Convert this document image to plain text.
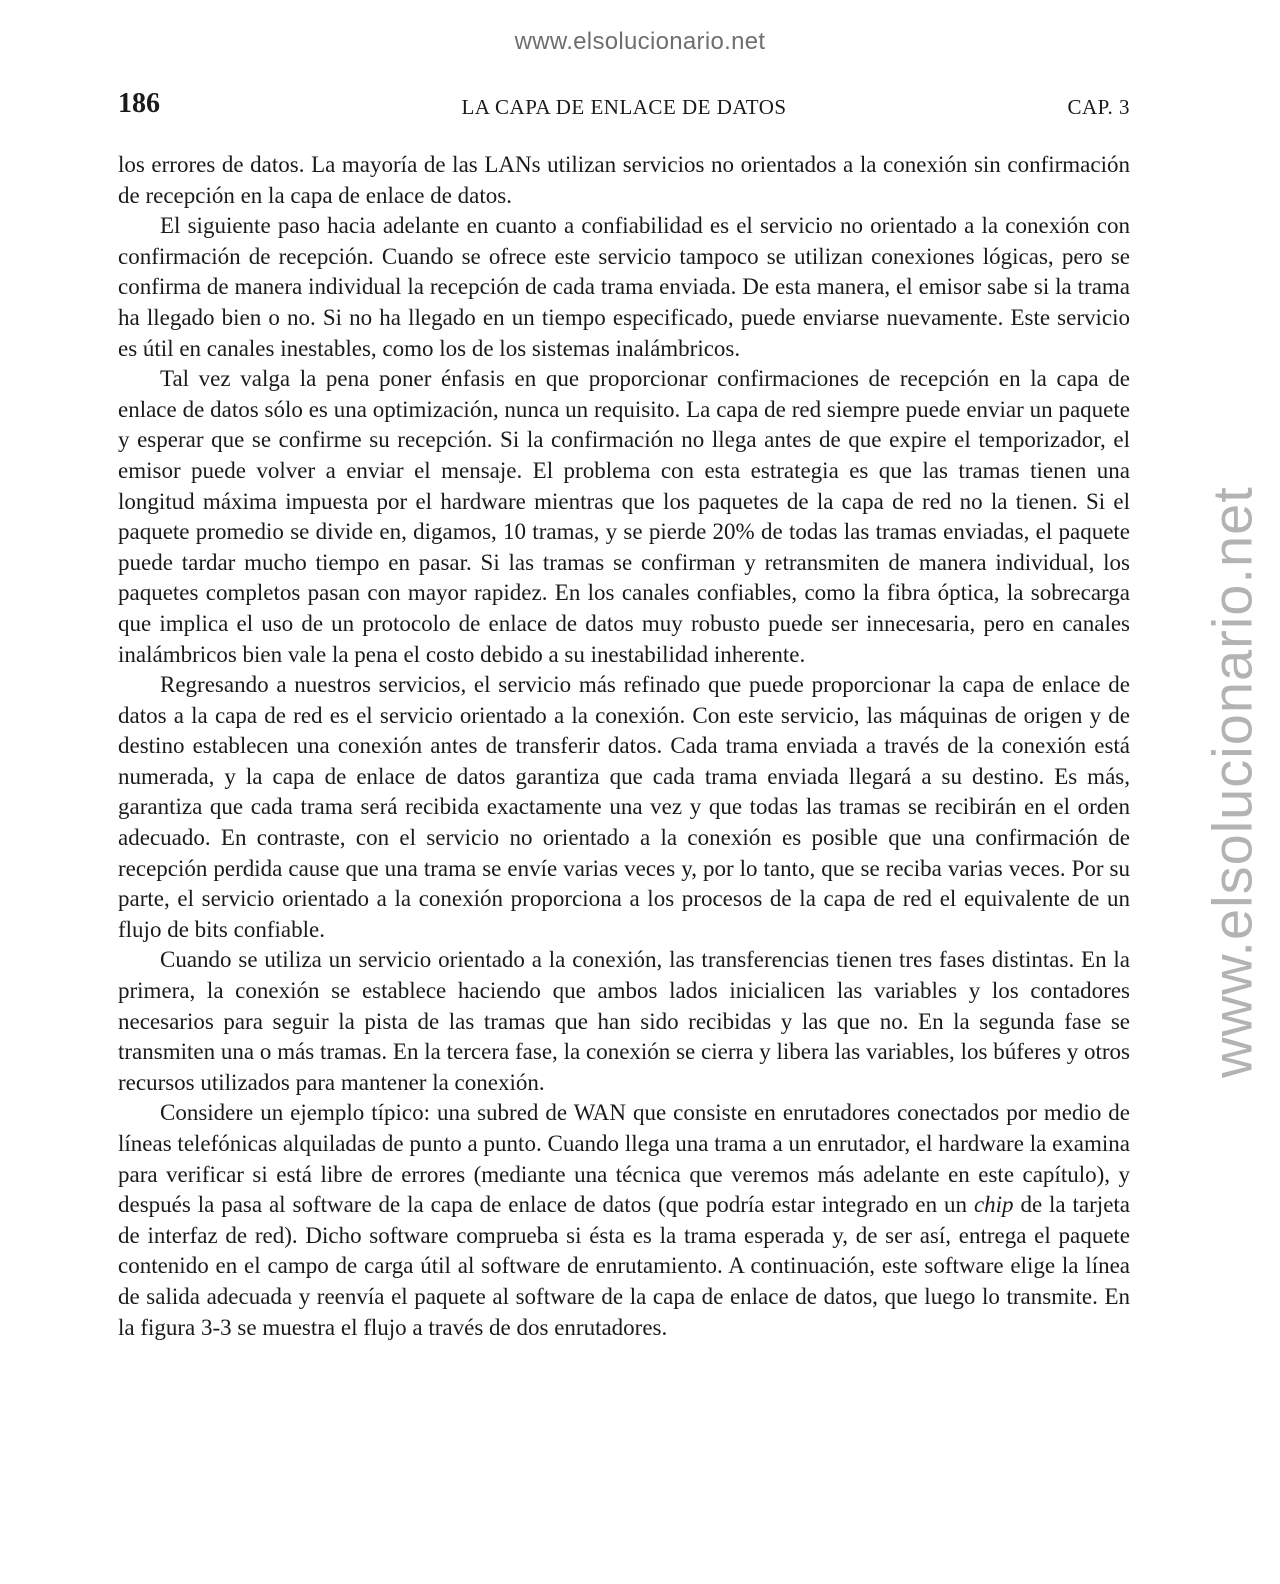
www.elsolucionario.net
www.elsolucionario.net
186	LA CAPA DE ENLACE DE DATOS	CAP. 3

los errores de datos. La mayoría de las LANs utilizan servicios no orientados a la conexión sin confirmación de recepción en la capa de enlace de datos.

El siguiente paso hacia adelante en cuanto a confiabilidad es el servicio no orientado a la conexión con confirmación de recepción. Cuando se ofrece este servicio tampoco se utilizan conexiones lógicas, pero se confirma de manera individual la recepción de cada trama enviada. De esta manera, el emisor sabe si la trama ha llegado bien o no. Si no ha llegado en un tiempo especificado, puede enviarse nuevamente. Este servicio es útil en canales inestables, como los de los sistemas inalámbricos.

Tal vez valga la pena poner énfasis en que proporcionar confirmaciones de recepción en la capa de enlace de datos sólo es una optimización, nunca un requisito. La capa de red siempre puede enviar un paquete y esperar que se confirme su recepción. Si la confirmación no llega antes de que expire el temporizador, el emisor puede volver a enviar el mensaje. El problema con esta estrategia es que las tramas tienen una longitud máxima impuesta por el hardware mientras que los paquetes de la capa de red no la tienen. Si el paquete promedio se divide en, digamos, 10 tramas, y se pierde 20% de todas las tramas enviadas, el paquete puede tardar mucho tiempo en pasar. Si las tramas se confirman y retransmiten de manera individual, los paquetes completos pasan con mayor rapidez. En los canales confiables, como la fibra óptica, la sobrecarga que implica el uso de un protocolo de enlace de datos muy robusto puede ser innecesaria, pero en canales inalámbricos bien vale la pena el costo debido a su inestabilidad inherente.

Regresando a nuestros servicios, el servicio más refinado que puede proporcionar la capa de enlace de datos a la capa de red es el servicio orientado a la conexión. Con este servicio, las máquinas de origen y de destino establecen una conexión antes de transferir datos. Cada trama enviada a través de la conexión está numerada, y la capa de enlace de datos garantiza que cada trama enviada llegará a su destino. Es más, garantiza que cada trama será recibida exactamente una vez y que todas las tramas se recibirán en el orden adecuado. En contraste, con el servicio no orientado a la conexión es posible que una confirmación de recepción perdida cause que una trama se envíe varias veces y, por lo tanto, que se reciba varias veces. Por su parte, el servicio orientado a la conexión proporciona a los procesos de la capa de red el equivalente de un flujo de bits confiable.

Cuando se utiliza un servicio orientado a la conexión, las transferencias tienen tres fases distintas. En la primera, la conexión se establece haciendo que ambos lados inicialicen las variables y los contadores necesarios para seguir la pista de las tramas que han sido recibidas y las que no. En la segunda fase se transmiten una o más tramas. En la tercera fase, la conexión se cierra y libera las variables, los búferes y otros recursos utilizados para mantener la conexión.

Considere un ejemplo típico: una subred de WAN que consiste en enrutadores conectados por medio de líneas telefónicas alquiladas de punto a punto. Cuando llega una trama a un enrutador, el hardware la examina para verificar si está libre de errores (mediante una técnica que veremos más adelante en este capítulo), y después la pasa al software de la capa de enlace de datos (que podría estar integrado en un chip de la tarjeta de interfaz de red). Dicho software comprueba si ésta es la trama esperada y, de ser así, entrega el paquete contenido en el campo de carga útil al software de enrutamiento. A continuación, este software elige la línea de salida adecuada y reenvía el paquete al software de la capa de enlace de datos, que luego lo transmite. En la figura 3-3 se muestra el flujo a través de dos enrutadores.
